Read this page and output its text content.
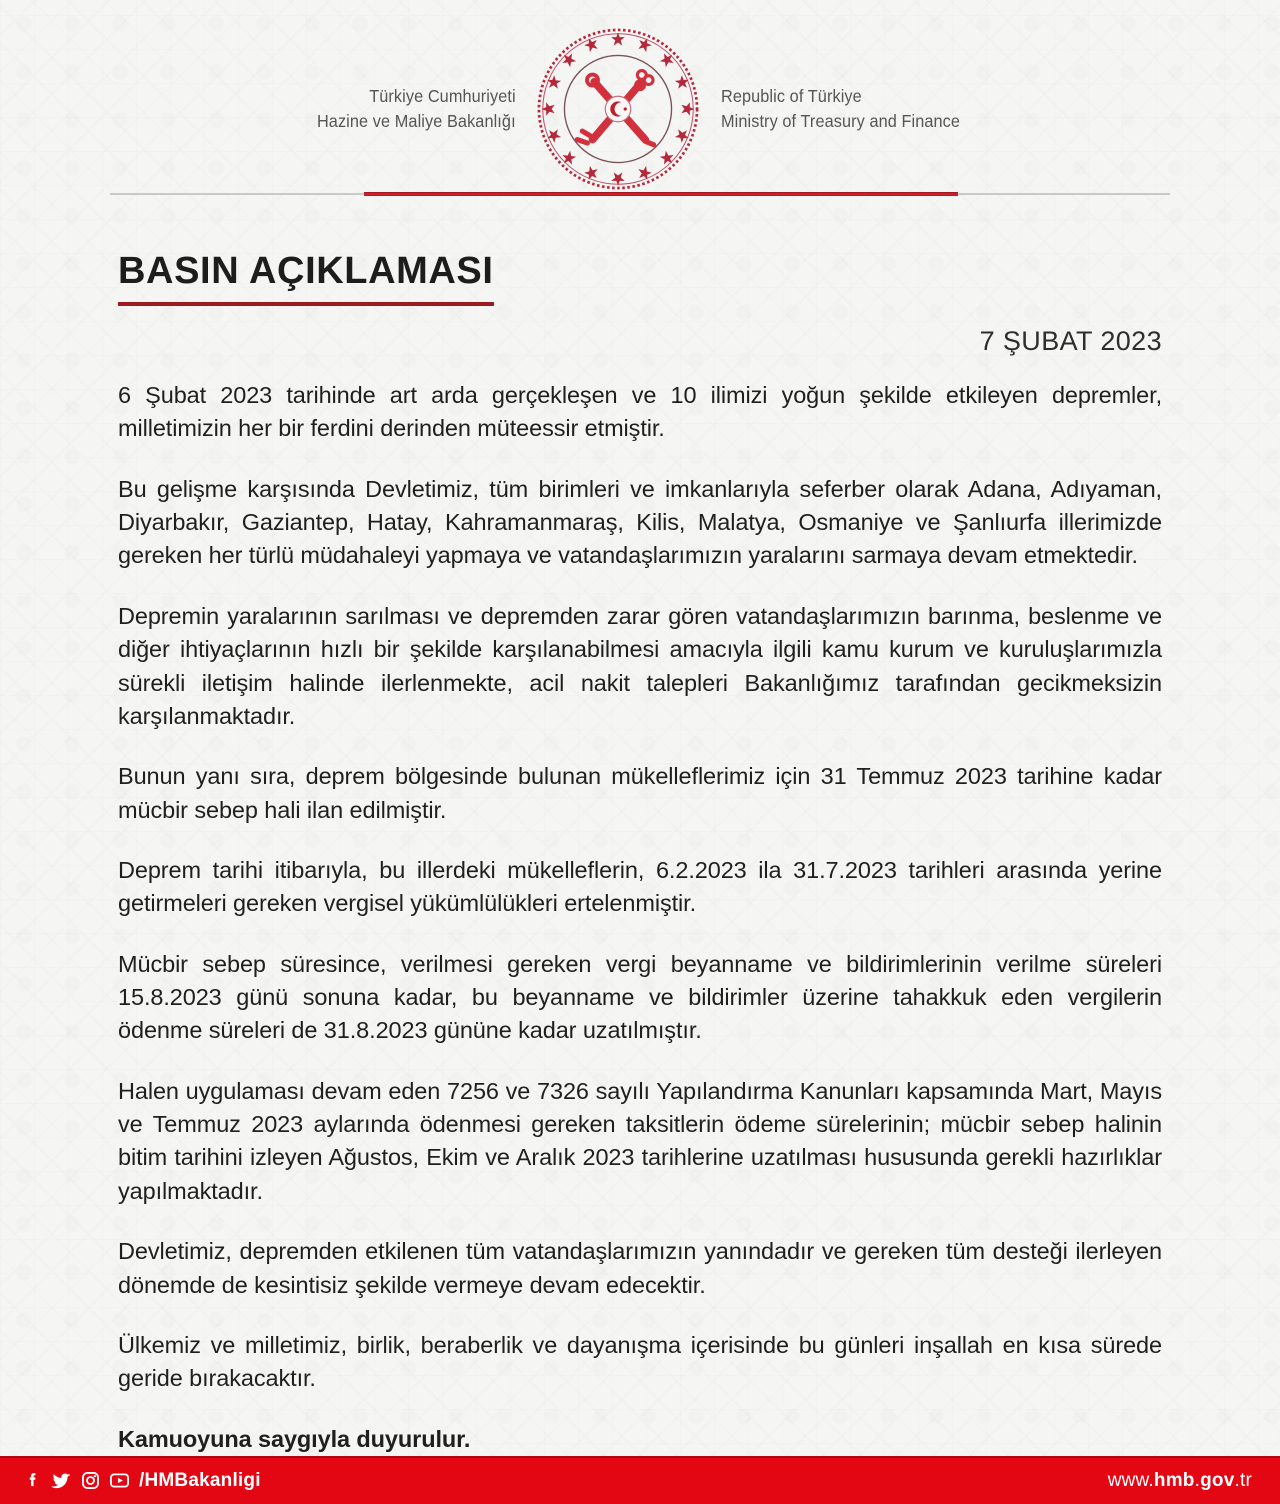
Türkiye Cumhuriyeti
Hazine ve Maliye Bakanlığı
Republic of Türkiye
Ministry of Treasury and Finance
BASIN AÇIKLAMASI
7 ŞUBAT 2023

6 Şubat 2023 tarihinde art arda gerçekleşen ve 10 ilimizi yoğun şekilde etkileyen depremler, milletimizin her bir ferdini derinden müteessir etmiştir.

Bu gelişme karşısında Devletimiz, tüm birimleri ve imkanlarıyla seferber olarak Adana, Adıyaman, Diyarbakır, Gaziantep, Hatay, Kahramanmaraş, Kilis, Malatya, Osmaniye ve Şanlıurfa illerimizde gereken her türlü müdahaleyi yapmaya ve vatandaşlarımızın yaralarını sarmaya devam etmektedir.

Depremin yaralarının sarılması ve depremden zarar gören vatandaşlarımızın barınma, beslenme ve diğer ihtiyaçlarının hızlı bir şekilde karşılanabilmesi amacıyla ilgili kamu kurum ve kuruluşlarımızla sürekli iletişim halinde ilerlenmekte, acil nakit talepleri Bakanlığımız tarafından gecikmeksizin karşılanmaktadır.

Bunun yanı sıra, deprem bölgesinde bulunan mükelleflerimiz için 31 Temmuz 2023 tarihine kadar mücbir sebep hali ilan edilmiştir.

Deprem tarihi itibarıyla, bu illerdeki mükelleflerin, 6.2.2023 ila 31.7.2023 tarihleri arasında yerine getirmeleri gereken vergisel yükümlülükleri ertelenmiştir.

Mücbir sebep süresince, verilmesi gereken vergi beyanname ve bildirimlerinin verilme süreleri 15.8.2023 günü sonuna kadar, bu beyanname ve bildirimler üzerine tahakkuk eden vergilerin ödenme süreleri de 31.8.2023 gününe kadar uzatılmıştır.

Halen uygulaması devam eden 7256 ve 7326 sayılı Yapılandırma Kanunları kapsamında Mart, Mayıs ve Temmuz 2023 aylarında ödenmesi gereken taksitlerin ödeme sürelerinin; mücbir sebep halinin bitim tarihini izleyen Ağustos, Ekim ve Aralık 2023 tarihlerine uzatılması hususunda gerekli hazırlıklar yapılmaktadır.

Devletimiz, depremden etkilenen tüm vatandaşlarımızın yanındadır ve gereken tüm desteği ilerleyen dönemde de kesintisiz şekilde vermeye devam edecektir.

Ülkemiz ve milletimiz, birlik, beraberlik ve dayanışma içerisinde bu günleri inşallah en kısa sürede geride bırakacaktır.

Kamuoyuna saygıyla duyurulur.

/HMBakanligi	www.hmb.gov.tr
